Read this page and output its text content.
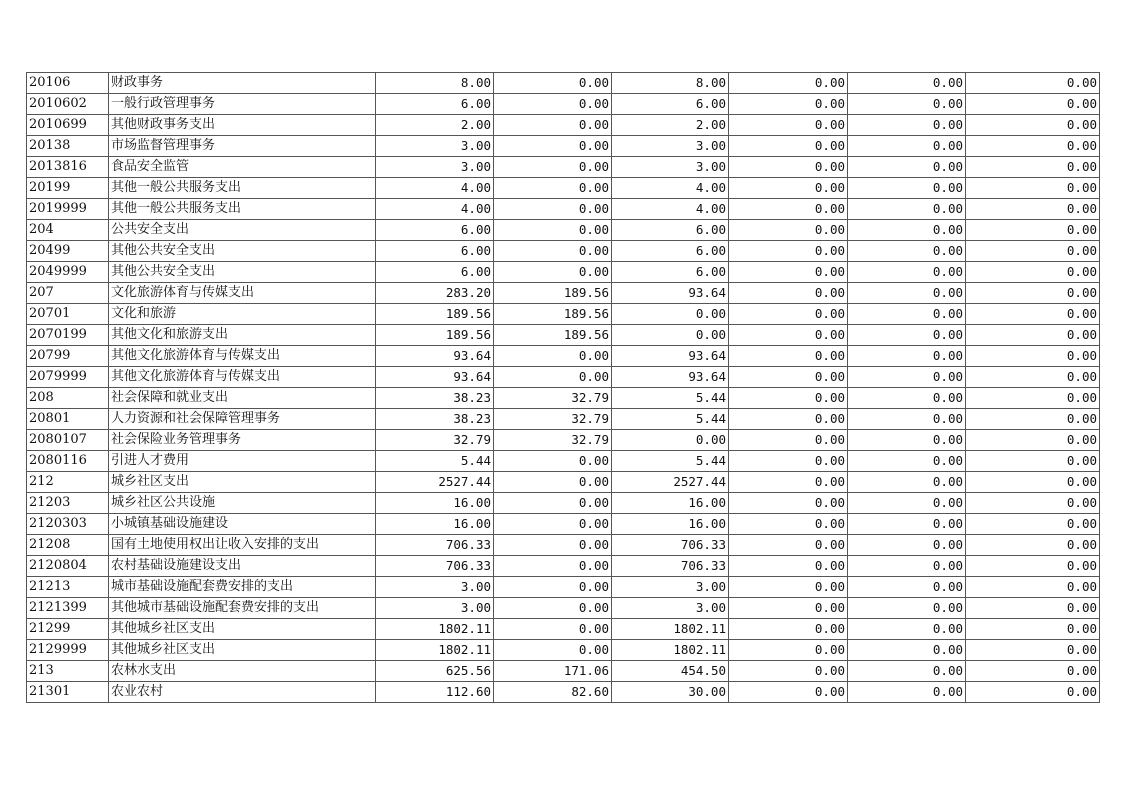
20106	财政事务	8.00	0.00	8.00	0.00	0.00	0.00
2010602	一般行政管理事务	6.00	0.00	6.00	0.00	0.00	0.00
2010699	其他财政事务支出	2.00	0.00	2.00	0.00	0.00	0.00
20138	市场监督管理事务	3.00	0.00	3.00	0.00	0.00	0.00
2013816	食品安全监管	3.00	0.00	3.00	0.00	0.00	0.00
20199	其他一般公共服务支出	4.00	0.00	4.00	0.00	0.00	0.00
2019999	其他一般公共服务支出	4.00	0.00	4.00	0.00	0.00	0.00
204	公共安全支出	6.00	0.00	6.00	0.00	0.00	0.00
20499	其他公共安全支出	6.00	0.00	6.00	0.00	0.00	0.00
2049999	其他公共安全支出	6.00	0.00	6.00	0.00	0.00	0.00
207	文化旅游体育与传媒支出	283.20	189.56	93.64	0.00	0.00	0.00
20701	文化和旅游	189.56	189.56	0.00	0.00	0.00	0.00
2070199	其他文化和旅游支出	189.56	189.56	0.00	0.00	0.00	0.00
20799	其他文化旅游体育与传媒支出	93.64	0.00	93.64	0.00	0.00	0.00
2079999	其他文化旅游体育与传媒支出	93.64	0.00	93.64	0.00	0.00	0.00
208	社会保障和就业支出	38.23	32.79	5.44	0.00	0.00	0.00
20801	人力资源和社会保障管理事务	38.23	32.79	5.44	0.00	0.00	0.00
2080107	社会保险业务管理事务	32.79	32.79	0.00	0.00	0.00	0.00
2080116	引进人才费用	5.44	0.00	5.44	0.00	0.00	0.00
212	城乡社区支出	2527.44	0.00	2527.44	0.00	0.00	0.00
21203	城乡社区公共设施	16.00	0.00	16.00	0.00	0.00	0.00
2120303	小城镇基础设施建设	16.00	0.00	16.00	0.00	0.00	0.00
21208	国有土地使用权出让收入安排的支出	706.33	0.00	706.33	0.00	0.00	0.00
2120804	农村基础设施建设支出	706.33	0.00	706.33	0.00	0.00	0.00
21213	城市基础设施配套费安排的支出	3.00	0.00	3.00	0.00	0.00	0.00
2121399	其他城市基础设施配套费安排的支出	3.00	0.00	3.00	0.00	0.00	0.00
21299	其他城乡社区支出	1802.11	0.00	1802.11	0.00	0.00	0.00
2129999	其他城乡社区支出	1802.11	0.00	1802.11	0.00	0.00	0.00
213	农林水支出	625.56	171.06	454.50	0.00	0.00	0.00
21301	农业农村	112.60	82.60	30.00	0.00	0.00	0.00
